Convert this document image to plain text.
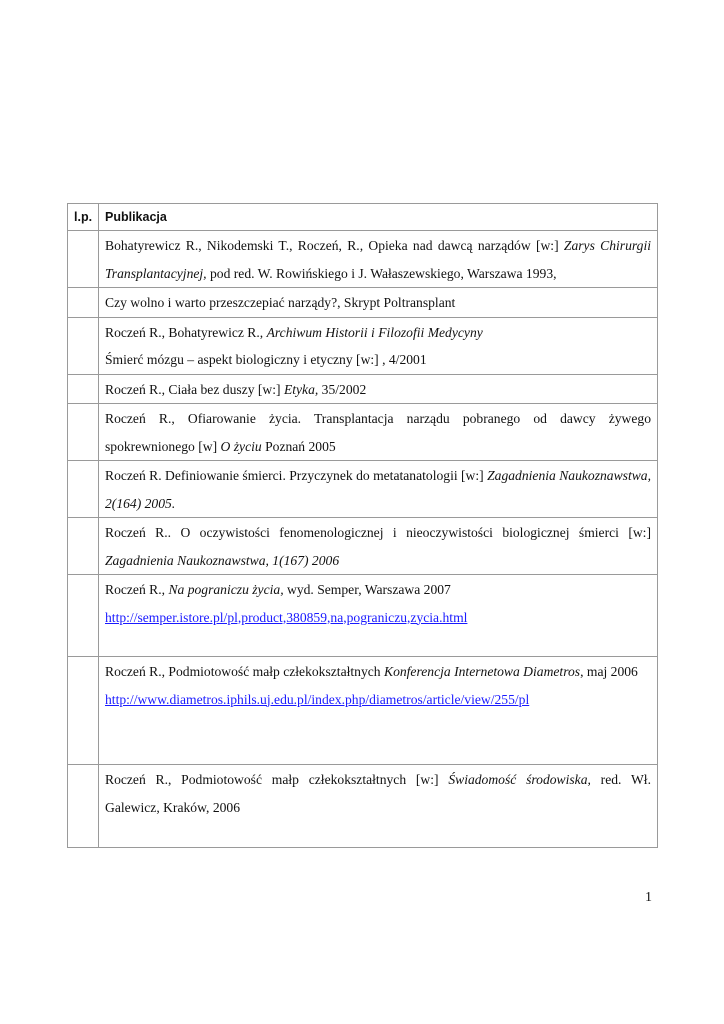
l.p.	Publikacja

	Bohatyrewicz R., Nikodemski T., Roczeń, R., Opieka nad dawcą narządów [w:] Zarys Chirurgii Transplantacyjnej, pod red. W. Rowińskiego i J. Wałaszewskiego, Warszawa 1993,

	Czy wolno i warto przeszczepiać narządy?, Skrypt Poltransplant

	Roczeń R., Bohatyrewicz R., Archiwum Historii i Filozofii Medycyny

Śmierć mózgu – aspekt biologiczny i etyczny [w:] , 4/2001

	Roczeń R., Ciała bez duszy [w:] Etyka, 35/2002

	Roczeń R., Ofiarowanie życia. Transplantacja narządu pobranego od dawcy żywego spokrewnionego [w] O życiu Poznań 2005

	Roczeń R. Definiowanie śmierci. Przyczynek do metatanatologii [w:] Zagadnienia Naukoznawstwa, 2(164) 2005.

	Roczeń R.. O oczywistości fenomenologicznej i nieoczywistości biologicznej śmierci [w:] Zagadnienia Naukoznawstwa, 1(167) 2006

	Roczeń R., Na pograniczu życia, wyd. Semper, Warszawa 2007

http://semper.istore.pl/pl,product,380859,na,pograniczu,zycia.html

	Roczeń R., Podmiotowość małp człekokształtnych Konferencja Internetowa Diametros, maj 2006

http://www.diametros.iphils.uj.edu.pl/index.php/diametros/article/view/255/pl

	Roczeń R., Podmiotowość małp człekokształtnych [w:] Świadomość środowiska, red. Wł. Galewicz, Kraków, 2006
1
